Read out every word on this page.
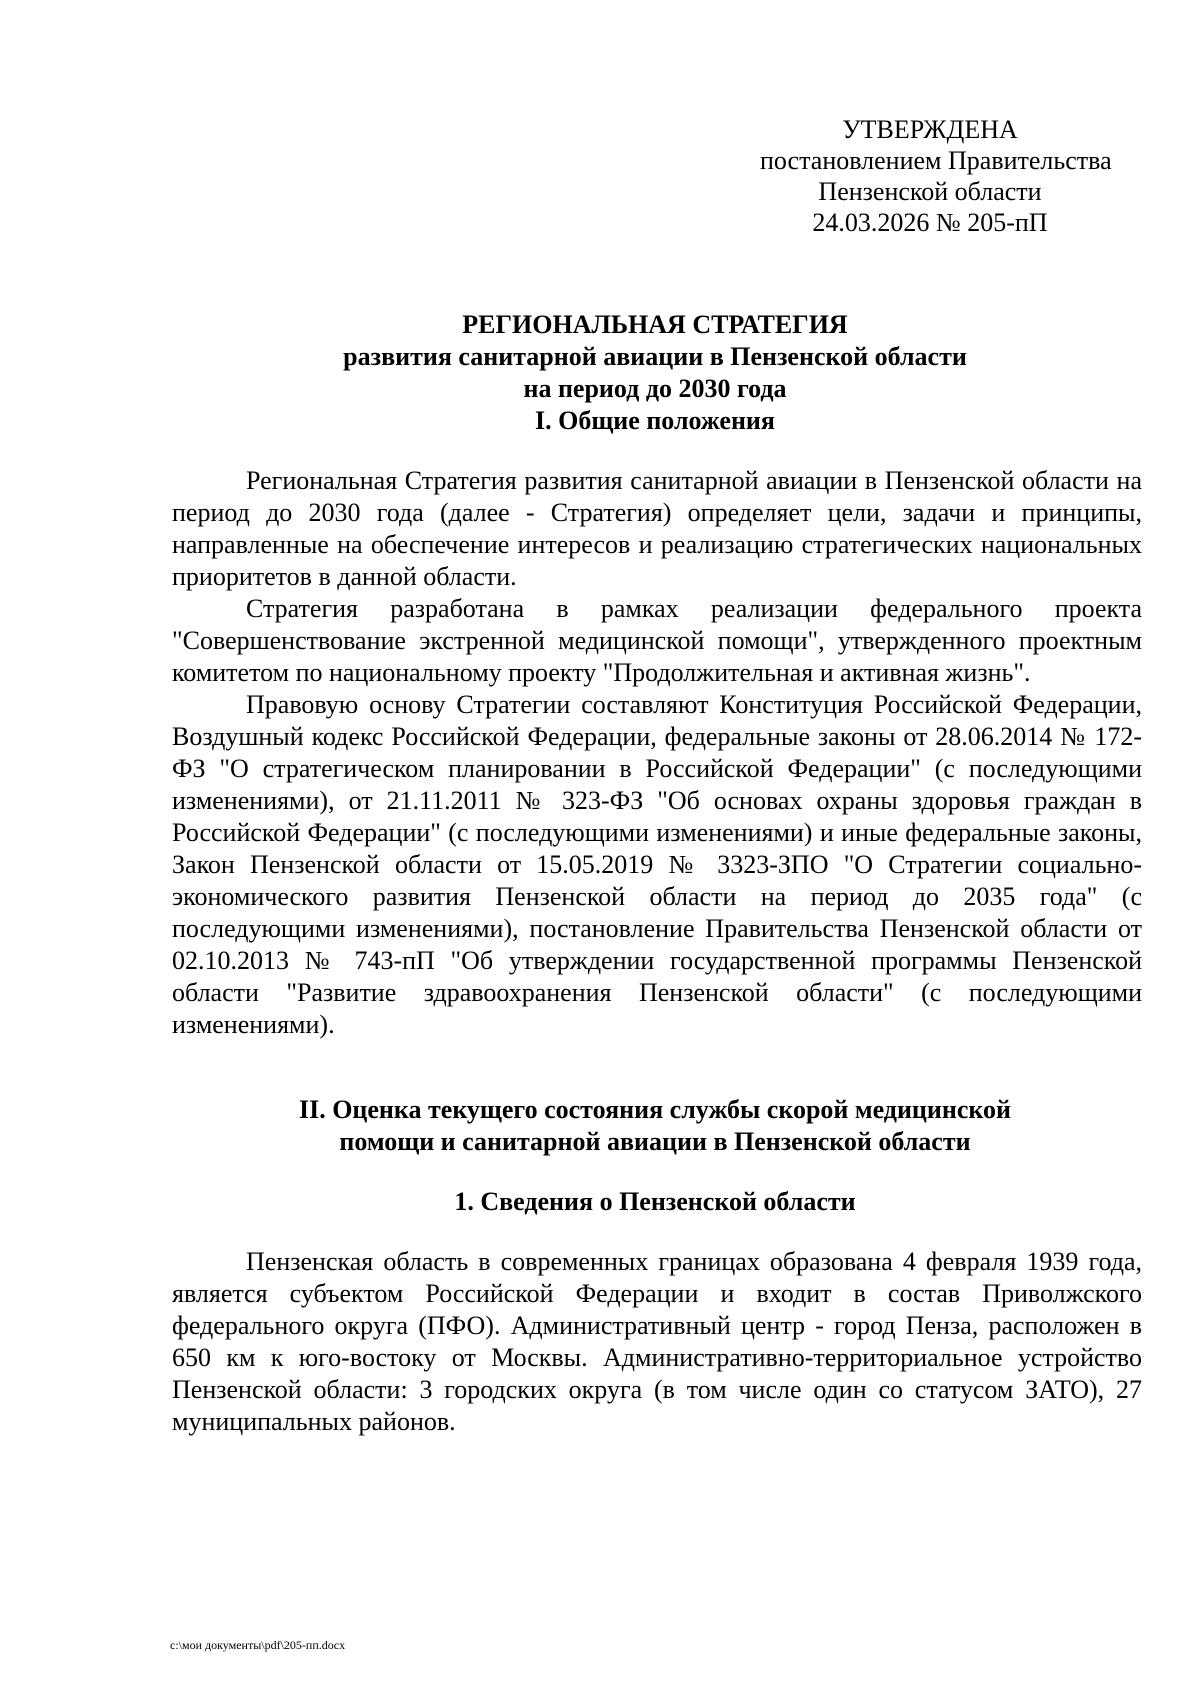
УТВЕРЖДЕНА
постановлением Правительства
Пензенской области
24.03.2026 № 205-пП
РЕГИОНАЛЬНАЯ СТРАТЕГИЯ
развития санитарной авиации в Пензенской области
на период до 2030 года
I. Общие положения

Региональная Стратегия развития санитарной авиации в Пензенской области на период до 2030 года (далее - Стратегия) определяет цели, задачи и принципы, направленные на обеспечение интересов и реализацию стратегических национальных приоритетов в данной области.

Стратегия разработана в рамках реализации федерального проекта "Совершенствование экстренной медицинской помощи", утвержденного проектным комитетом по национальному проекту "Продолжительная и активная жизнь".

Правовую основу Стратегии составляют Конституция Российской Федерации, Воздушный кодекс Российской Федерации, федеральные законы от 28.06.2014 № 172-ФЗ "О стратегическом планировании в Российской Федерации" (с последующими изменениями), от 21.11.2011 № 323-ФЗ "Об основах охраны здоровья граждан в Российской Федерации" (с последующими изменениями) и иные федеральные законы, Закон Пензенской области от 15.05.2019 № 3323-ЗПО "О Стратегии социально-экономического развития Пензенской области на период до 2035 года" (с последующими изменениями), постановление Правительства Пензенской области от 02.10.2013 № 743-пП "Об утверждении государственной программы Пензенской области "Развитие здравоохранения Пензенской области" (с последующими изменениями).

II. Оценка текущего состояния службы скорой медицинской
помощи и санитарной авиации в Пензенской области
1. Сведения о Пензенской области

Пензенская область в современных границах образована 4 февраля 1939 года, является субъектом Российской Федерации и входит в состав Приволжского федерального округа (ПФО). Административный центр - город Пенза, расположен в 650 км к юго-востоку от Москвы. Административно-территориальное устройство Пензенской области: 3 городских округа (в том числе один со статусом ЗАТО), 27 муниципальных районов.

c:\мои документы\pdf\205-пп.docx
